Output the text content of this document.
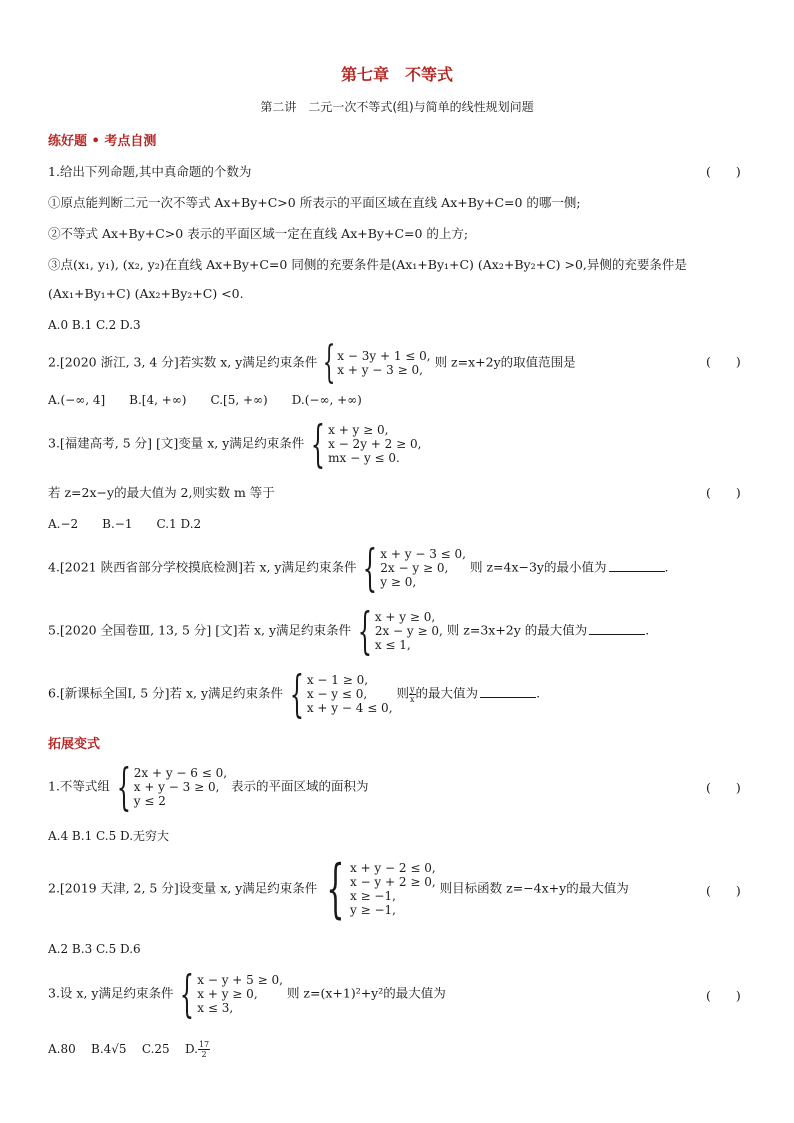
第七章　不等式
第二讲　二元一次不等式(组)与简单的线性规划问题
练好题 • 考点自测
1.给出下列命题,其中真命题的个数为	(　　)
①原点能判断二元一次不等式 Ax+By+C>0 所表示的平面区域在直线 Ax+By+C=0 的哪一侧;
②不等式 Ax+By+C>0 表示的平面区域一定在直线 Ax+By+C=0 的上方;
③点(x₁, y₁), (x₂, y₂)在直线 Ax+By+C=0 同侧的充要条件是(Ax₁+By₁+C) (Ax₂+By₂+C) >0,异侧的充要条件是
(Ax₁+By₁+C) (Ax₂+By₂+C) <0.
A.0 B.1 C.2 D.3
2.[2020 浙江, 3, 4 分]若实数 x, y满足约束条件 { x − 3y + 1 ≤ 0,
x + y − 3 ≥ 0,
则 z=x+2y的取值范围是	(　　)
A.(−∞, 4]　　B.[4, +∞)　　C.[5, +∞)　　D.(−∞, +∞)
3.[福建高考, 5 分] [文]变量 x, y满足约束条件 { x + y ≥ 0,
x − 2y + 2 ≥ 0,
mx − y ≤ 0.
若 z=2x−y的最大值为 2,则实数 m 等于	(　　)
A.−2　　B.−1　　C.1 D.2
4.[2021 陕西省部分学校摸底检测]若 x, y满足约束条件 { x + y − 3 ≤ 0,
2x − y ≥ 0,
y ≥ 0,
则 z=4x−3y的最小值为	.
5.[2020 全国卷Ⅲ, 13, 5 分] [文]若 x, y满足约束条件 { x + y ≥ 0,
2x − y ≥ 0,
x ≤ 1,
则 z=3x+2y 的最大值为	.
6.[新课标全国Ⅰ, 5 分]若 x, y满足约束条件 { x − 1 ≥ 0,
x − y ≤ 0,
x + y − 4 ≤ 0,
则 $\frac{y}{x}$ 的最大值为	.
拓展变式
1.不等式组 { 2x + y − 6 ≤ 0,
x + y − 3 ≥ 0,
y ≤ 2
表示的平面区域的面积为	(　　)
A.4 B.1 C.5 D.无穷大
2.[2019 天津, 2, 5 分]设变量 x, y满足约束条件 { x + y − 2 ≤ 0,
x − y + 2 ≥ 0,
x ≥ −1,
y ≥ −1,
则目标函数 z=−4x+y的最大值为	(　　)
A.2 B.3 C.5 D.6
3.设 x, y满足约束条件 { x − y + 5 ≥ 0,
x + y ≥ 0,
x ≤ 3,
则 z=(x+1)²+y²的最大值为	(　　)
A.80 B.4√5 C.25 D. $\frac{17}{2}$
